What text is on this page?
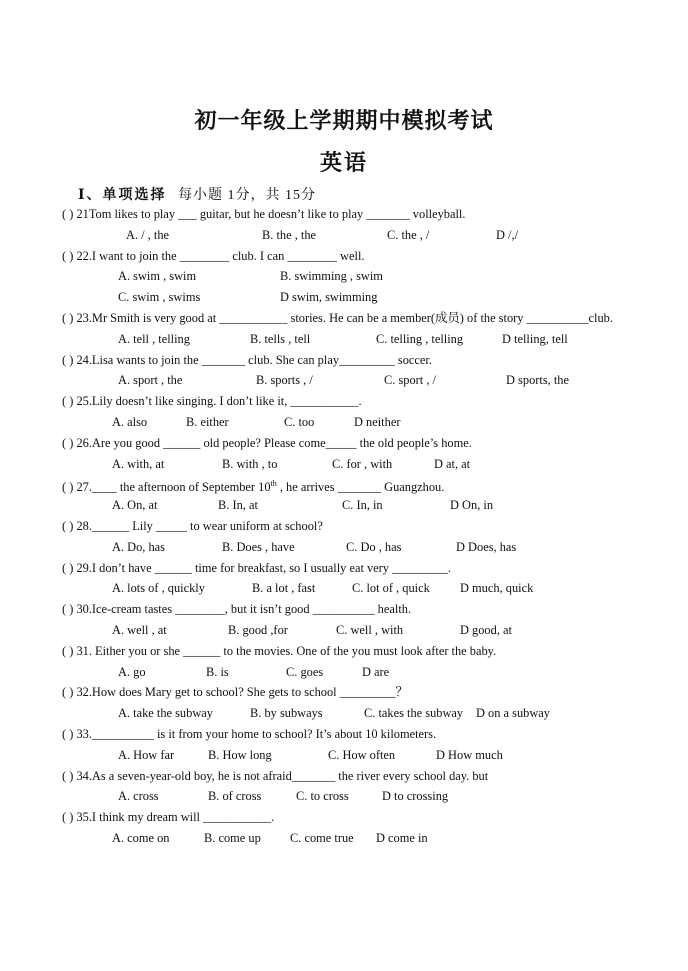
初一年级上学期期中模拟考试
英语
Ⅰ、单项选择 每小题 1分，共 15分
( ) 21Tom likes to play ___ guitar, but he doesn’t like to play _______ volleyball.
A. / , the	B. the , the	C. the , /	D /,/
( ) 22.I want to join the ________ club. I can ________ well.
A. swim , swim	B. swimming , swim
C. swim , swims	D swim, swimming
( ) 23.Mr Smith is very good at ___________ stories. He can be a member(成员) of the story __________club.
A. tell , telling	B. tells , tell	C. telling , telling	D telling, tell
( ) 24.Lisa wants to join the _______ club. She can play_________ soccer.
A. sport , the	B. sports , /	C. sport , /	D sports, the
( ) 25.Lily doesn’t like singing. I don’t like it, ___________.
A. also	B. either	C. too	D neither
( ) 26.Are you good ______ old people? Please come_____ the old people’s home.
A. with, at	B. with , to	C. for , with	D at, at
( ) 27.____ the afternoon of September 10th , he arrives _______ Guangzhou.
A. On, at	B. In, at	C. In, in	D On, in
( ) 28.______ Lily _____ to wear uniform at school?
A. Do, has	B. Does , have	C. Do , has	D Does, has
( ) 29.I don’t have ______ time for breakfast, so I usually eat very _________.
A. lots of , quickly	B. a lot , fast	C. lot of , quick D much, quick
( ) 30.Ice-cream tastes ________, but it isn’t good __________ health.
A. well , at	B. good ,for	C. well , with	D good, at
( ) 31. Either you or she ______ to the movies. One of the you must look after the baby.
A. go	B. is	C. goes	D are
( ) 32.How does Mary get to school? She gets to school _________？
A. take the subway	B. by subways	C. takes the subway D on a subway
( ) 33.__________ is it from your home to school? It’s about 10 kilometers.
A. How far	B. How long	C. How often	D How much
( ) 34.As a seven-year-old boy, he is not afraid_______ the river every school day. but
A. cross	B. of cross	C. to cross	D to crossing
( ) 35.I think my dream will ___________.
A. come on	B. come up C. come true D come in
